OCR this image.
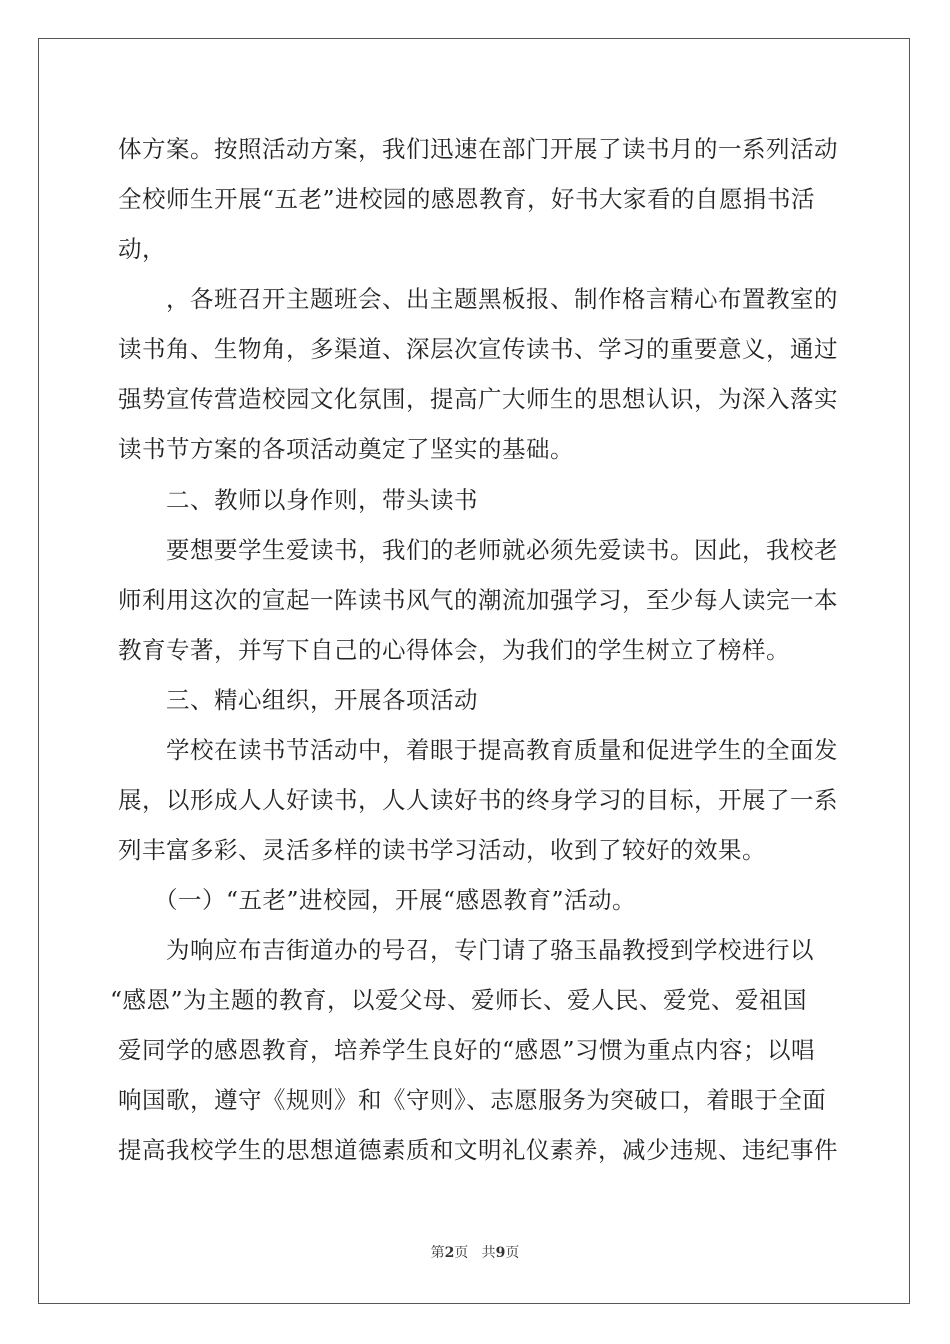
体方案。按照活动方案，我们迅速在部门开展了读书月的一系列活动
全校师生开展“五老”进校园的感恩教育，好书大家看的自愿捐书活
动，
，各班召开主题班会、出主题黑板报、制作格言精心布置教室的
读书角、生物角，多渠道、深层次宣传读书、学习的重要意义，通过
强势宣传营造校园文化氛围，提高广大师生的思想认识，为深入落实
读书节方案的各项活动奠定了坚实的基础。
二、教师以身作则，带头读书
要想要学生爱读书，我们的老师就必须先爱读书。因此，我校老
师利用这次的宣起一阵读书风气的潮流加强学习，至少每人读完一本
教育专著，并写下自己的心得体会，为我们的学生树立了榜样。
三、精心组织，开展各项活动
学校在读书节活动中，着眼于提高教育质量和促进学生的全面发
展，以形成人人好读书，人人读好书的终身学习的目标，开展了一系
列丰富多彩、灵活多样的读书学习活动，收到了较好的效果。
（一）“五老”进校园，开展“感恩教育”活动。
为响应布吉街道办的号召，专门请了骆玉晶教授到学校进行以
“感恩”为主题的教育，以爱父母、爱师长、爱人民、爱党、爱祖国
爱同学的感恩教育，培养学生良好的“感恩”习惯为重点内容；以唱
响国歌，遵守《规则》和《守则》、志愿服务为突破口，着眼于全面
提高我校学生的思想道德素质和文明礼仪素养，减少违规、违纪事件
第2页 共9页
